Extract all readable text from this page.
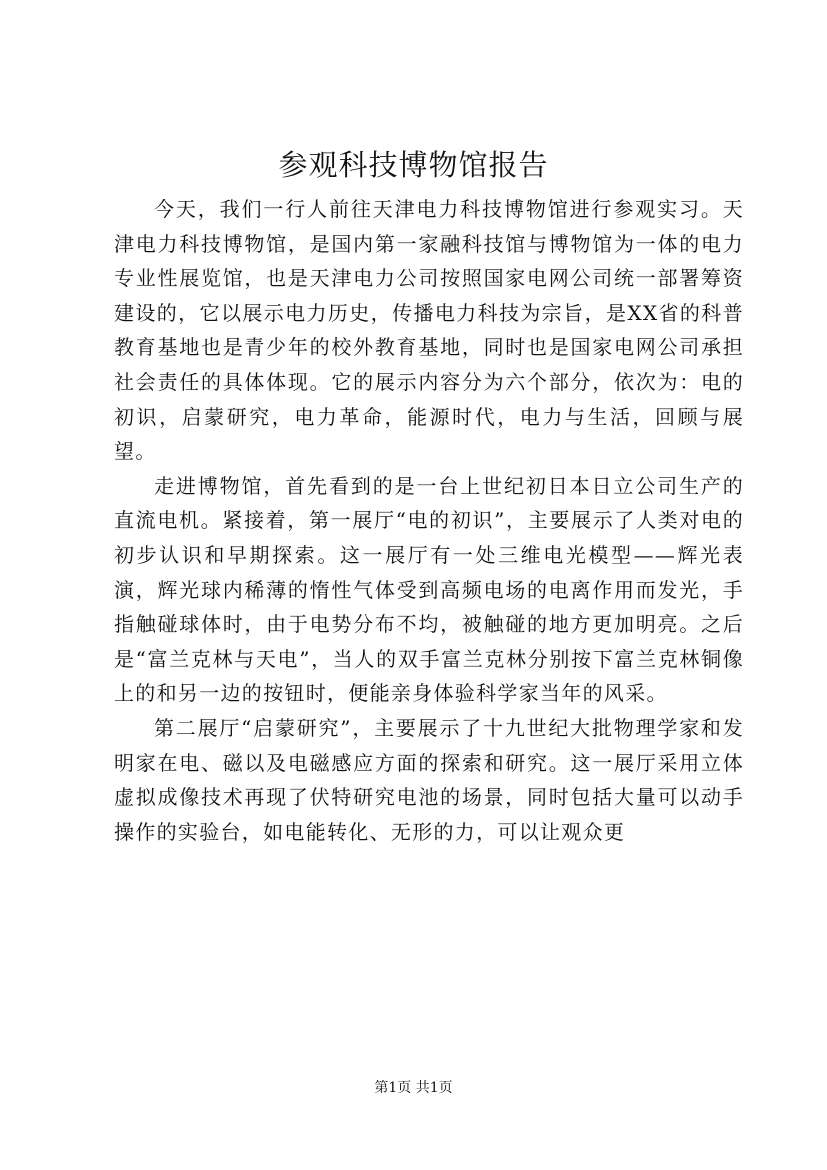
参观科技博物馆报告

今天，我们一行人前往天津电力科技博物馆进行参观实习。天津电力科技博物馆，是国内第一家融科技馆与博物馆为一体的电力专业性展览馆，也是天津电力公司按照国家电网公司统一部署筹资建设的，它以展示电力历史，传播电力科技为宗旨，是XX省的科普教育基地也是青少年的校外教育基地，同时也是国家电网公司承担社会责任的具体体现。它的展示内容分为六个部分，依次为：电的初识，启蒙研究，电力革命，能源时代，电力与生活，回顾与展望。

走进博物馆，首先看到的是一台上世纪初日本日立公司生产的直流电机。紧接着，第一展厅“电的初识”，主要展示了人类对电的初步认识和早期探索。这一展厅有一处三维电光模型——辉光表演，辉光球内稀薄的惰性气体受到高频电场的电离作用而发光，手指触碰球体时，由于电势分布不均，被触碰的地方更加明亮。之后是“富兰克林与天电”，当人的双手富兰克林分别按下富兰克林铜像上的和另一边的按钮时，便能亲身体验科学家当年的风采。

第二展厅“启蒙研究”，主要展示了十九世纪大批物理学家和发明家在电、磁以及电磁感应方面的探索和研究。这一展厅采用立体虚拟成像技术再现了伏特研究电池的场景，同时包括大量可以动手操作的实验台，如电能转化、无形的力，可以让观众更

第1页 共1页
